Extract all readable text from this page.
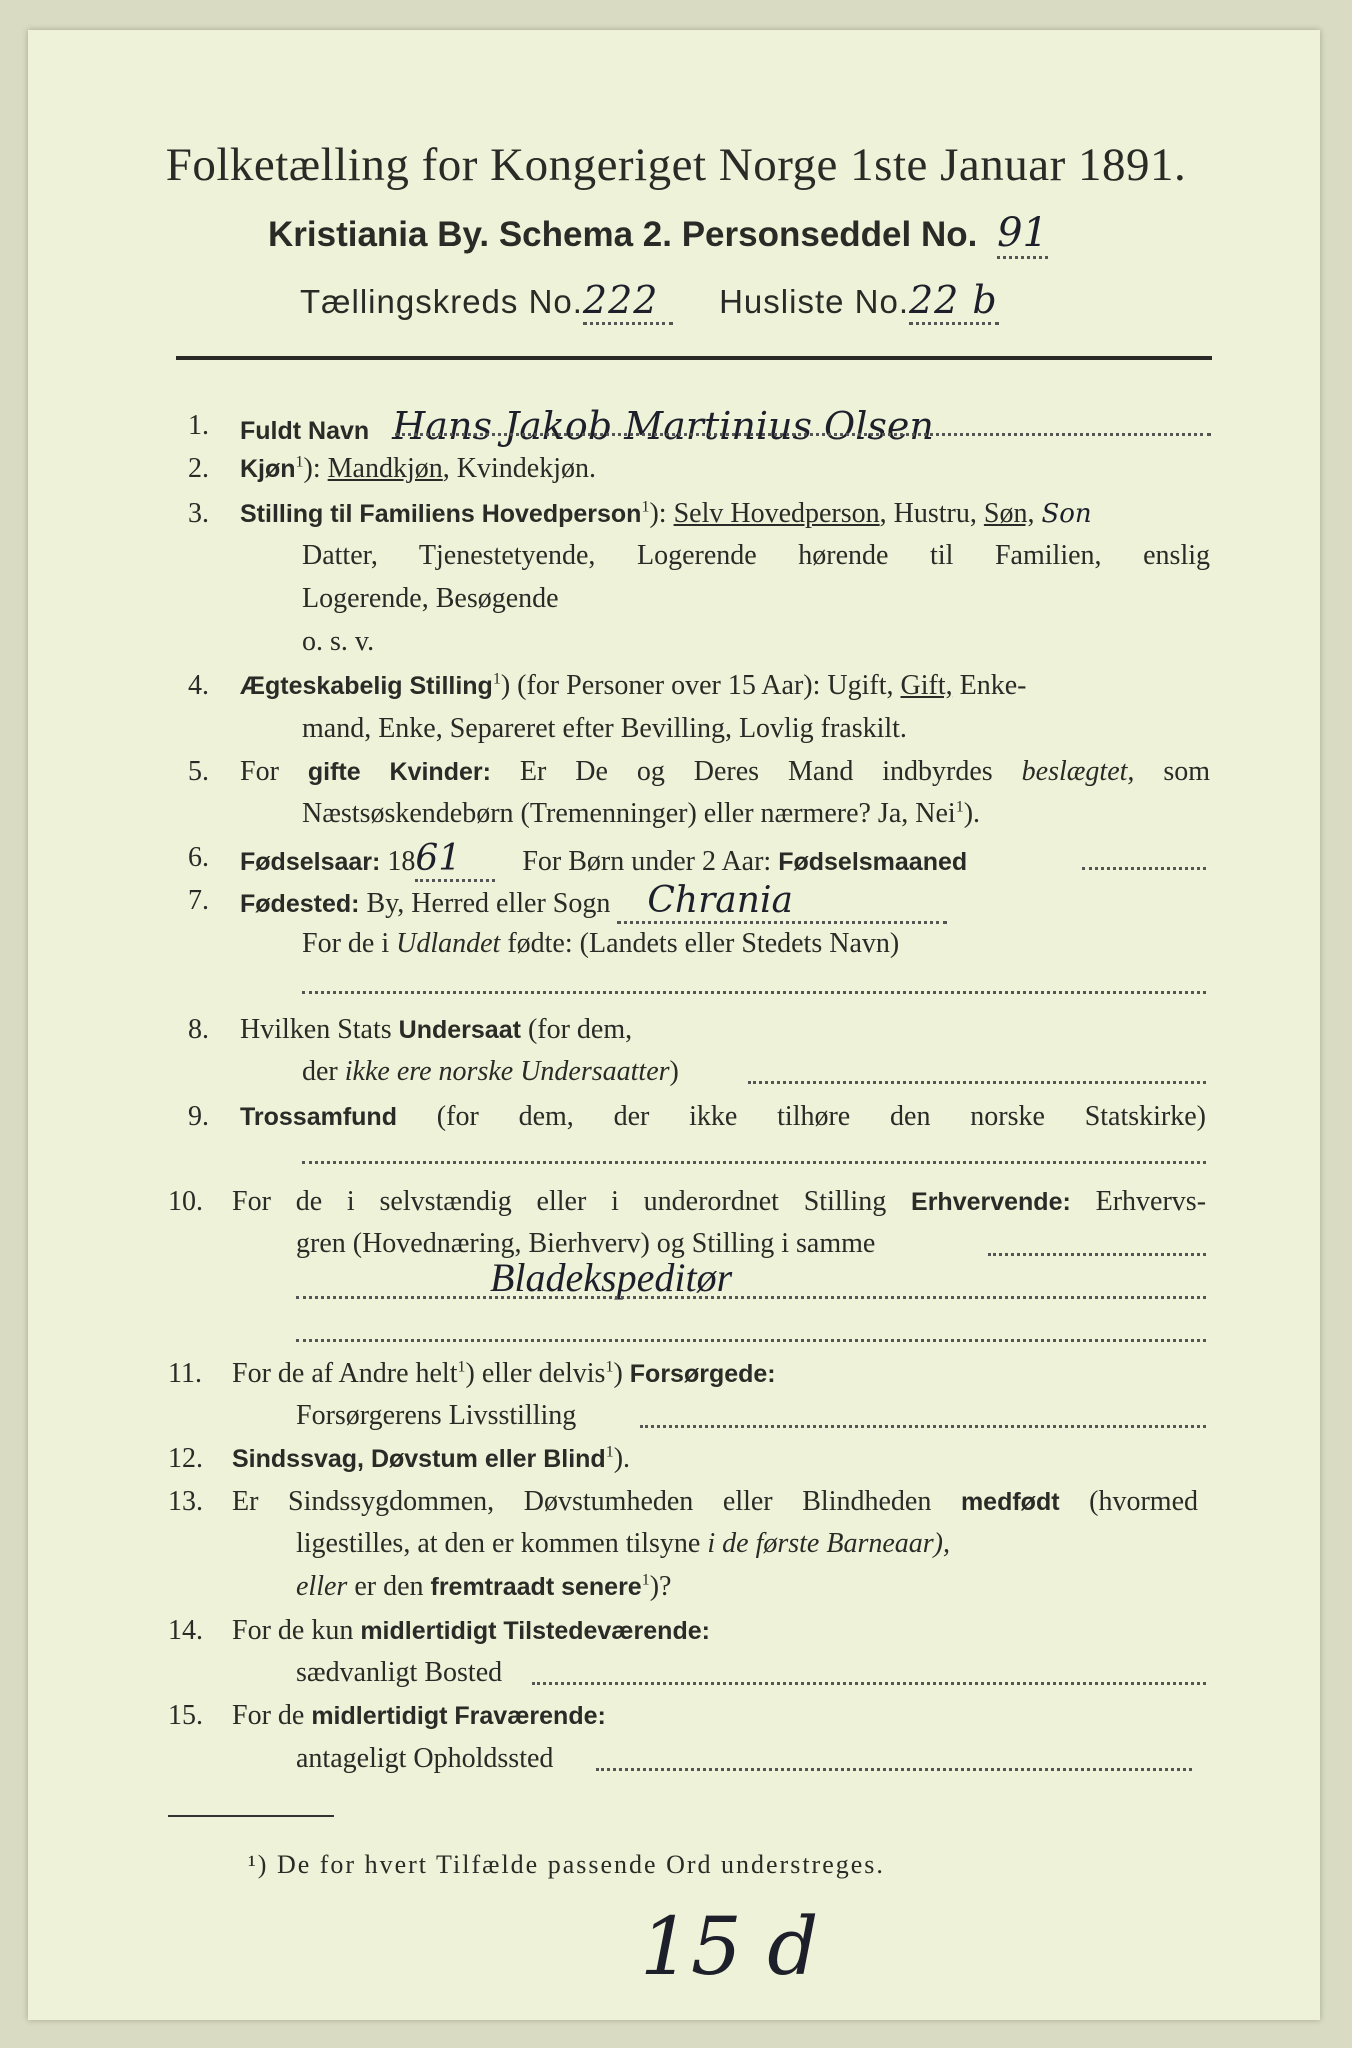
Folketælling for Kongeriget Norge 1ste Januar 1891.
Kristiania By. Schema 2. Personseddel No. 91
Tællingskreds No.222 Husliste No.22 b
1. Fuldt Navn Hans Jakob Martinius Olsen
2. Kjøn$^1$): Mandkjøn, Kvindekjøn.
3. Stilling til Familiens Hovedperson$^1$): Selv Hovedperson, Hustru, Søn, Son
Datter, Tjenestetyende, Logerende hørende til Familien, enslig
Logerende, Besøgende
o. s. v.
4. Ægteskabelig Stilling$^1$) (for Personer over 15 Aar): Ugift, Gift, Enke-
mand, Enke, Separeret efter Bevilling, Lovlig fraskilt.
5. For gifte Kvinder: Er De og Deres Mand indbyrdes beslægtet, som
Næstsøskendebørn (Tremenninger) eller nærmere? Ja, Nei$^1$).
6. Fødselsaar: 1861 For Børn under 2 Aar: Fødselsmaaned
7. Fødested: By, Herred eller Sogn Chrania
For de i Udlandet fødte: (Landets eller Stedets Navn)
8. Hvilken Stats Undersaat (for dem,
der ikke ere norske Undersaatter)
9. Trossamfund (for dem, der ikke tilhøre den norske Statskirke)
10. For de i selvstændig eller i underordnet Stilling Erhvervende: Erhvervs-
gren (Hovednæring, Bierhverv) og Stilling i samme
Bladekspeditør
11. For de af Andre helt$^1$) eller delvis$^1$) Forsørgede:
Forsørgerens Livsstilling
12. Sindssvag, Døvstum eller Blind$^1$).
13. Er Sindssygdommen, Døvstumheden eller Blindheden medfødt (hvormed
ligestilles, at den er kommen tilsyne i de første Barneaar),
eller er den fremtraadt senere$^1$)?
14. For de kun midlertidigt Tilstedeværende:
sædvanligt Bosted
15. For de midlertidigt Fraværende:
antageligt Opholdssted
¹) De for hvert Tilfælde passende Ord understreges.
15 d
